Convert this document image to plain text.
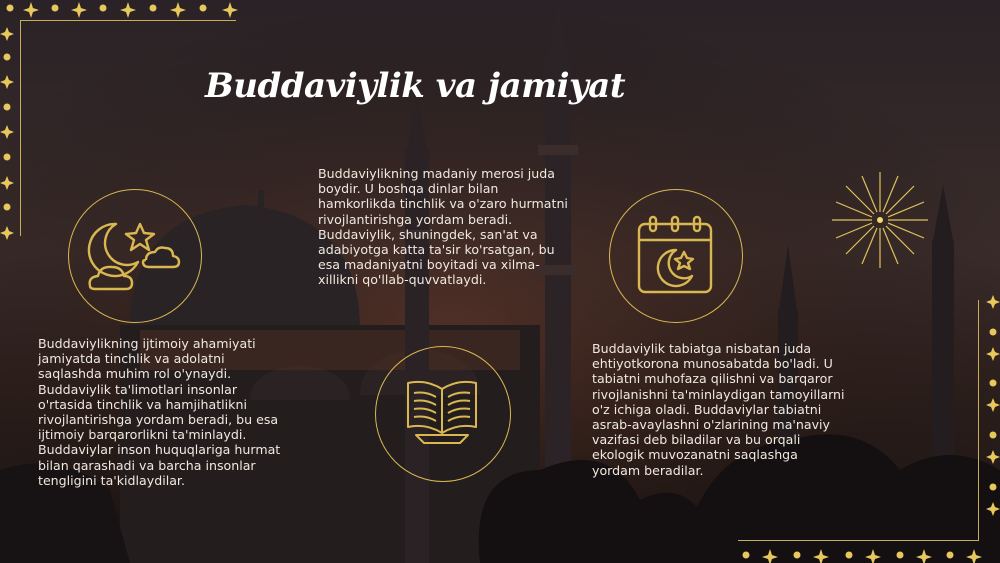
Buddaviylik va jamiyat
Buddaviylikning ijtimoiy ahamiyati jamiyatda tinchlik va adolatni saqlashda muhim rol o'ynaydi. Buddaviylik ta'limotlari insonlar o'rtasida tinchlik va hamjihatlikni rivojlantirishga yordam beradi, bu esa ijtimoiy barqarorlikni ta'minlaydi. Buddaviylar inson huquqlariga hurmat bilan qarashadi va barcha insonlar tengligini ta'kidlaydilar.
Buddaviylikning madaniy merosi juda boydir. U boshqa dinlar bilan hamkorlikda tinchlik va o'zaro hurmatni rivojlantirishga yordam beradi. Buddaviylik, shuningdek, san'at va adabiyotga katta ta'sir ko'rsatgan, bu esa madaniyatni boyitadi va xilma-xillikni qo'llab-quvvatlaydi.
Buddaviylik tabiatga nisbatan juda ehtiyotkorona munosabatda bo'ladi. U tabiatni muhofaza qilishni va barqaror rivojlanishni ta'minlaydigan tamoyillarni o'z ichiga oladi. Buddaviylar tabiatni asrab-avaylashni o'zlarining ma'naviy vazifasi deb biladilar va bu orqali ekologik muvozanatni saqlashga yordam beradilar.
